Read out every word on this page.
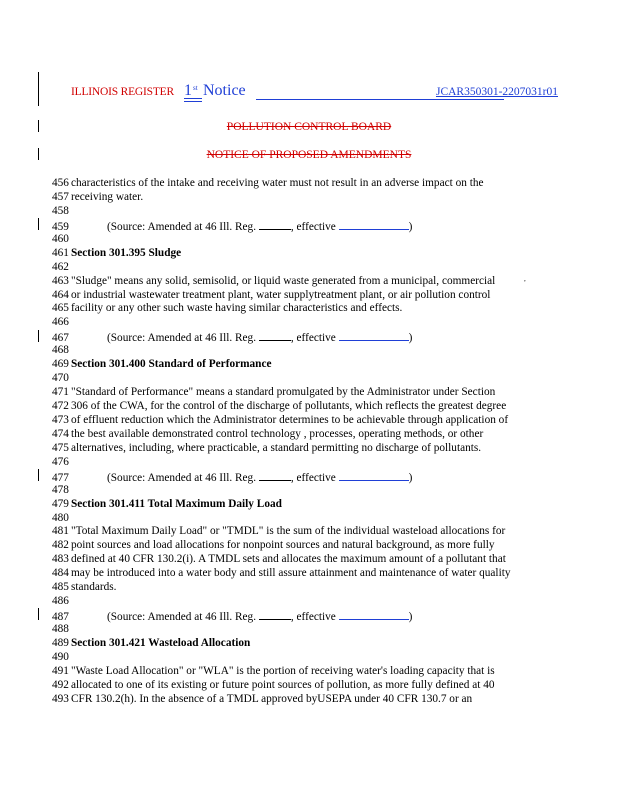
ILLINOIS REGISTER 1 st Notice	JCAR350301-2207031r01
POLLUTION CONTROL BOARD
NOTICE OF PROPOSED AMENDMENTS
456 characteristics of the intake and receiving water must not result in an adverse impact on the
457 receiving water.
458
459	(Source: Amended at 46 Ill. Reg.	, effective	)
460
461 Section 301.395 Sludge
462
463 "Sludge" means any solid, semisolid, or liquid waste generated from a municipal, commercial	,
464 or industrial wastewater treatment plant, water supplytreatment plant, or air pollution control
465 facility or any other such waste having similar characteristics and effects.
466
467	(Source: Amended at 46 Ill. Reg.	, effective	)
468
469 Section 301.400 Standard of Performance
470
471 "Standard of Performance" means a standard promulgated by the Administrator under Section
472 306 of the CWA, for the control of the discharge of pollutants, which reflects the greatest degree
473 of effluent reduction which the Administrator determines to be achievable through application of
474 the best available demonstrated control technology , processes, operating methods, or other
475 alternatives, including, where practicable, a standard permitting no discharge of pollutants.
476
477	(Source: Amended at 46 Ill. Reg.	, effective	)
478
479 Section 301.411 Total Maximum Daily Load
480
481 "Total Maximum Daily Load" or "TMDL" is the sum of the individual wasteload allocations for
482 point sources and load allocations for nonpoint sources and natural background, as more fully
483 defined at 40 CFR 130.2(i). A TMDL sets and allocates the maximum amount of a pollutant that
484 may be introduced into a water body and still assure attainment and maintenance of water quality
485 standards.
486
487	(Source: Amended at 46 Ill. Reg.	, effective	)
488
489 Section 301.421 Wasteload Allocation
490
491 "Waste Load Allocation" or "WLA" is the portion of receiving water's loading capacity that is
492 allocated to one of its existing or future point sources of pollution, as more fully defined at 40
493 CFR 130.2(h). In the absence of a TMDL approved byUSEPA under 40 CFR 130.7 or an
